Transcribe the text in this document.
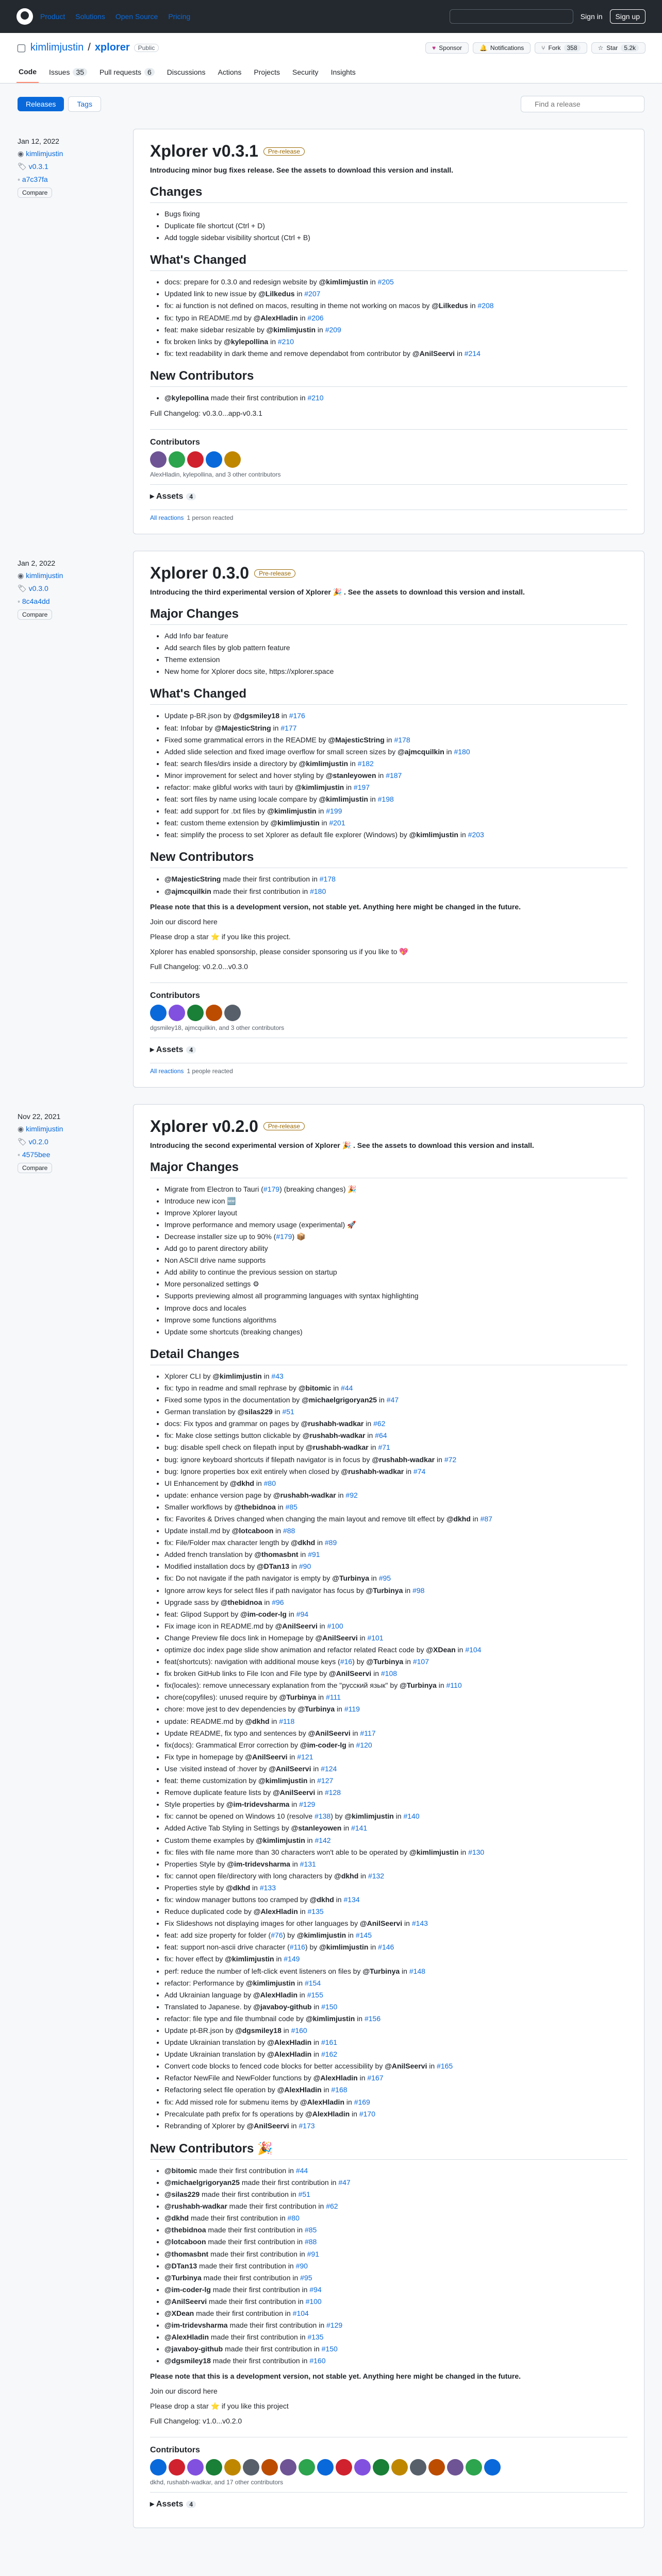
Product Solutions Open Source Pricing	Sign in	Sign up
▢ kimlimjustin / xplorer	Public	♥ Sponsor	🔔 Notifications	⑂ Fork	358	☆ Star	5.2k
Code Issues 35	Pull requests 6	Discussions Actions Projects Security Insights
Releases	Tags
Find a release
Jan 12, 2022
◉ kimlimjustin
🏷 v0.3.1
◦ a7c37fa
Compare
Xplorer v0.3.1	Pre-release

Introducing minor bug fixes release. See the assets to download this version and install.

Changes
• Bugs fixing
• Duplicate file shortcut (Ctrl + D)
• Add toggle sidebar visibility shortcut (Ctrl + B)
What's Changed
• docs: prepare for 0.3.0 and redesign website by @kimlimjustin in #205
• Updated link to new issue by @Lilkedus in #207
• fix: ai function is not defined on macos, resulting in theme not working on macos by @Lilkedus in #208
• fix: typo in README.md by @AlexHladin in #206
• feat: make sidebar resizable by @kimlimjustin in #209
• fix broken links by @kylepollina in #210
• fix: text readability in dark theme and remove dependabot from contributor by @AnilSeervi in #214
New Contributors
• @kylepollina made their first contribution in #210

Full Changelog: v0.3.0...app-v0.3.1

Contributors
AlexHladin, kylepollina, and 3 other contributors
▸ Assets 4
All reactions 1 person reacted
Jan 2, 2022
◉ kimlimjustin
🏷 v0.3.0
◦ 8c4a4dd
Compare
Xplorer 0.3.0	Pre-release

Introducing the third experimental version of Xplorer 🎉 . See the assets to download this version and install.

Major Changes
• Add Info bar feature
• Add search files by glob pattern feature
• Theme extension
• New home for Xplorer docs site, https://xplorer.space
What's Changed
• Update p-BR.json by @dgsmiley18 in #176
• feat: Infobar by @MajesticString in #177
• Fixed some grammatical errors in the README by @MajesticString in #178
• Added slide selection and fixed image overflow for small screen sizes by @ajmcquilkin in #180
• feat: search files/dirs inside a directory by @kimlimjustin in #182
• Minor improvement for select and hover styling by @stanleyowen in #187
• refactor: make glibful works with tauri by @kimlimjustin in #197
• feat: sort files by name using locale compare by @kimlimjustin in #198
• feat: add support for .txt files by @kimlimjustin in #199
• feat: custom theme extension by @kimlimjustin in #201
• feat: simplify the process to set Xplorer as default file explorer (Windows) by @kimlimjustin in #203
New Contributors
• @MajesticString made their first contribution in #178
• @ajmcquilkin made their first contribution in #180

Please note that this is a development version, not stable yet. Anything here might be changed in the future.

Join our discord here

Please drop a star ⭐ if you like this project.

Xplorer has enabled sponsorship, please consider sponsoring us if you like to 💖

Full Changelog: v0.2.0...v0.3.0

Contributors
dgsmiley18, ajmcquilkin, and 3 other contributors
▸ Assets 4
All reactions 1 people reacted
Nov 22, 2021
◉ kimlimjustin
🏷 v0.2.0
◦ 4575bee
Compare
Xplorer v0.2.0	Pre-release

Introducing the second experimental version of Xplorer 🎉 . See the assets to download this version and install.

Major Changes
• Migrate from Electron to Tauri (#179) (breaking changes) 🎉
• Introduce new icon 🆕
• Improve Xplorer layout
• Improve performance and memory usage (experimental) 🚀
• Decrease installer size up to 90% (#179) 📦
• Add go to parent directory ability
• Non ASCII drive name supports
• Add ability to continue the previous session on startup
• More personalized settings ⚙
• Supports previewing almost all programming languages with syntax highlighting
• Improve docs and locales
• Improve some functions algorithms
• Update some shortcuts (breaking changes)
Detail Changes
• Xplorer CLI by @kimlimjustin in #43
• fix: typo in readme and small rephrase by @bitomic in #44
• Fixed some typos in the documentation by @michaelgrigoryan25 in #47
• German translation by @silas229 in #51
• docs: Fix typos and grammar on pages by @rushabh-wadkar in #62
• fix: Make close settings button clickable by @rushabh-wadkar in #64
• bug: disable spell check on filepath input by @rushabh-wadkar in #71
• bug: ignore keyboard shortcuts if filepath navigator is in focus by @rushabh-wadkar in #72
• bug: Ignore properties box exit entirely when closed by @rushabh-wadkar in #74
• UI Enhancement by @dkhd in #80
• update: enhance version page by @rushabh-wadkar in #92
• Smaller workflows by @thebidnoa in #85
• fix: Favorites & Drives changed when changing the main layout and remove tilt effect by @dkhd in #87
• Update install.md by @lotcaboon in #88
• fix: File/Folder max character length by @dkhd in #89
• Added french translation by @thomasbnt in #91
• Modified installation docs by @DTan13 in #90
• fix: Do not navigate if the path navigator is empty by @Turbinya in #95
• Ignore arrow keys for select files if path navigator has focus by @Turbinya in #98
• Upgrade sass by @thebidnoa in #96
• feat: Glipod Support by @im-coder-lg in #94
• Fix image icon in README.md by @AnilSeervi in #100
• Change Preview file docs link in Homepage by @AnilSeervi in #101
• optimize doc index page slide show animation and refactor related React code by @XDean in #104
• feat(shortcuts): navigation with additional mouse keys (#16) by @Turbinya in #107
• fix broken GitHub links to File Icon and File type by @AnilSeervi in #108
• fix(locales): remove unnecessary explanation from the "русский язык" by @Turbinya in #110
• chore(copyfiles): unused require by @Turbinya in #111
• chore: move jest to dev dependencies by @Turbinya in #119
• update: README.md by @dkhd in #118
• Update README, fix typo and sentences by @AnilSeervi in #117
• fix(docs): Grammatical Error correction by @im-coder-lg in #120
• Fix type in homepage by @AnilSeervi in #121
• Use :visited instead of :hover by @AnilSeervi in #124
• feat: theme customization by @kimlimjustin in #127
• Remove duplicate feature lists by @AnilSeervi in #128
• Style properties by @im-tridevsharma in #129
• fix: cannot be opened on Windows 10 (resolve #138) by @kimlimjustin in #140
• Added Active Tab Styling in Settings by @stanleyowen in #141
• Custom theme examples by @kimlimjustin in #142
• fix: files with file name more than 30 characters won't able to be operated by @kimlimjustin in #130
• Properties Style by @im-tridevsharma in #131
• fix: cannot open file/directory with long characters by @dkhd in #132
• Properties style by @dkhd in #133
• fix: window manager buttons too cramped by @dkhd in #134
• Reduce duplicated code by @AlexHladin in #135
• Fix Slideshows not displaying images for other languages by @AnilSeervi in #143
• feat: add size property for folder (#76) by @kimlimjustin in #145
• feat: support non-ascii drive character (#116) by @kimlimjustin in #146
• fix: hover effect by @kimlimjustin in #149
• perf: reduce the number of left-click event listeners on files by @Turbinya in #148
• refactor: Performance by @kimlimjustin in #154
• Add Ukrainian language by @AlexHladin in #155
• Translated to Japanese. by @javaboy-github in #150
• refactor: file type and file thumbnail code by @kimlimjustin in #156
• Update pt-BR.json by @dgsmiley18 in #160
• Update Ukrainian translation by @AlexHladin in #161
• Update Ukrainian translation by @AlexHladin in #162
• Convert code blocks to fenced code blocks for better accessibility by @AnilSeervi in #165
• Refactor NewFile and NewFolder functions by @AlexHladin in #167
• Refactoring select file operation by @AlexHladin in #168
• fix: Add missed role for submenu items by @AlexHladin in #169
• Precalculate path prefix for fs operations by @AlexHladin in #170
• Rebranding of Xplorer by @AnilSeervi in #173
New Contributors 🎉
• @bitomic made their first contribution in #44
• @michaelgrigoryan25 made their first contribution in #47
• @silas229 made their first contribution in #51
• @rushabh-wadkar made their first contribution in #62
• @dkhd made their first contribution in #80
• @thebidnoa made their first contribution in #85
• @lotcaboon made their first contribution in #88
• @thomasbnt made their first contribution in #91
• @DTan13 made their first contribution in #90
• @Turbinya made their first contribution in #95
• @im-coder-lg made their first contribution in #94
• @AnilSeervi made their first contribution in #100
• @XDean made their first contribution in #104
• @im-tridevsharma made their first contribution in #129
• @AlexHladin made their first contribution in #135
• @javaboy-github made their first contribution in #150
• @dgsmiley18 made their first contribution in #160

Please note that this is a development version, not stable yet. Anything here might be changed in the future.

Join our discord here

Please drop a star ⭐ if you like this project

Full Changelog: v1.0...v0.2.0

Contributors
dkhd, rushabh-wadkar, and 17 other contributors
▸ Assets 4
